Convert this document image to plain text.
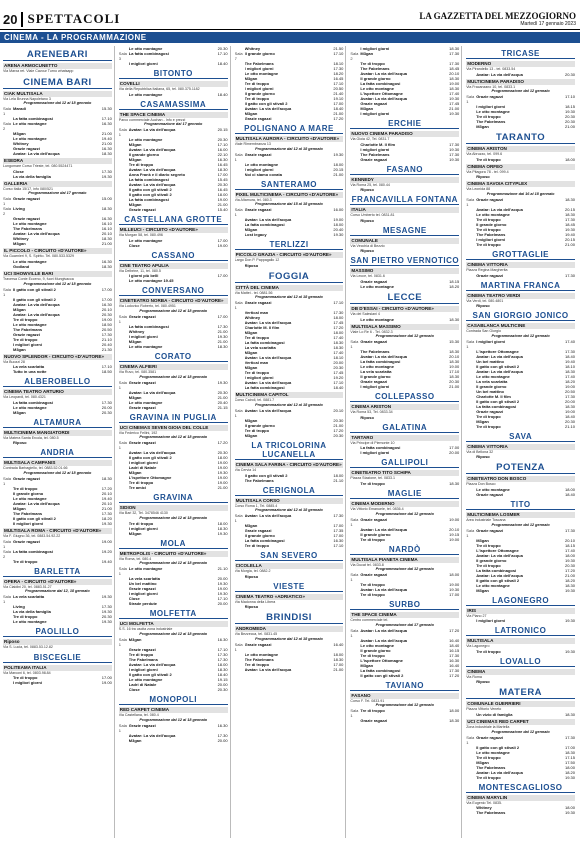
20 SPETTACOLI	LA GAZZETTA DEL MEZZOGIORNO
Martedì 17 gennaio 2023
CINEMA - LA PROGRAMMAZIONE
ARENEBARI
ARENA ARMOCUNETTO
Via Marxa ret. Viale Cavour Turno whatsapp
CINEMA BARI
CIAK MULTISALA
Via Lela Brunna Napoletano 3
Programmazione dal 12 al 18 gennaio
Sala 1
Maradi	15.30
La fatta combinagosi	17.10
Sala 2
Le otto montagne	16.30
M3gan	21.00
Le otto montagne	19.40
Whitney	21.00
Grazie ragazzi	16.30
Avatar: La via dell'acqua	18.30
ESEDRA
Lungomare Corso Trieste, tel. 080.5524471
Close	17.30
La via della famiglia	19.30
GALLERIA
Corso Italia 15/17, info 080/521
Programmazione dal 17 gennaio
Sala 1
Grazie ragazzi	15.00
Sala 2
Living	18.30
Grazie ragazzi	16.30
Le otto montagne	16.10
The Fabelmans	16.10
Avatar: La via dell'acqua	20.10
Whitney	18.30
M3gan	21.00
IL PICCOLO - CIRCUITO «D'AUTORE»
Via Guarnieri 9, S. Spirito. Tel. 080.533.5329
Le otto montagne	16.30
Godland	18.30
UCI SHOWVILLE BARI
Traversa Conte Ecceno, 9, fuori Mungivacca
Programmazione dal 12 al 18 gennaio
Sala 1
Il gatto con gli stivali 2	17.00
Il gatto con gli stivali 2	17.00
Avatar: La via dell'acqua	16.30
M3gan	20.10
Avatar: La via dell'acqua	20.30
Tre di troppo	19.00
Le otto montagne	18.50
The Fabelmans	20.50
Grazie ragazzi	17.30
Tre di troppo	21.10
I migliori giorni	20.40
M3gan	21.30
NUOVO SPLENDOR - CIRCUITO «D'AUTORE»
Via Buozzi 28
La vela scarlatta	17.10
Tutto in una notte	18.50
ALBEROBELLO
CINEMA TEATRO ARTURIO
Via Leopardi, tel. 080.4321
La fatta combinagosi	17.30
Le otto montagne	20.00
M3gan	20.30
ALTAMURA
MULTICINEMA MANGIATORDI
Via Matera Santa Ercola, tel. 080.5
Riposo
ANDRIA
MULTISALA CAMPANIS
Contrada Barbagiello, tel. 0883.52.01.66
Programmazione dal 12 al 18 gennaio
Sala 1
Grazie ragazzi	18.30
Tre di troppo	17.20
Il grande giorno	20.10
Le otto montagne	19.40
Avatar: La via dell'acqua	20.10
M3gan	21.00
The Fabelmans	17.30
Il gatto con gli stivali 2	18.20
Il migliori giorni	19.30
MULTISALA ROMA - CIRCUITO «D'AUTORE»
Via F. Giugno 36, tel. 0883.54.92.22
Sala 1
Grazie ragazzi	19.00
Sala 2
La fatta combinagosi	19.20
Tre di troppo	19.40
BARLETTA
OPERA - CIRCUITO «D'AUTORE»
Via Cialdini 20, tel. 0883.51.27
Programmazione dal 12, 18 gennaio
Sala 1
La vela scarlatta	19.30
Living	17.30
La via della famiglia	19.30
Tre di troppo	20.30
Le otto montagne	19.30
PAOLILLO
Riposo
Via S. Lucia, tel. 0883.53.12.82
BISCEGLIE
POLITEAMA ITALIA
Via Marconi 6, tel. 0803.98.84
Tre di troppo	17.00
I migliori giorni	19.00
Le otto montagne	20.30
Sala 3
La fatta combinagosi	17.10
I migliori giorni	18.40
BITONTO
COVELLI
Via della Repubblica Italiana, 65, tel. 080.375.1182
Le otto montagne	18.40
CASAMASSIMA
THE SPACE CINEMA
Parco commerciale Auchan - Info e prezzi
Programmazione dal 17 gennaio
Sala 1
Avatar: La via dell'acqua	20.15
Le otto montagne	20.30
M3gan	17.10
Avatar: La via dell'acqua	16.00
Il grande giorno	22.10
M3gan	16.30
Tre di troppo	16.45
Avatar: La via dell'acqua	18.30
Anna Frank e il diario segreto	17.00
La fatta combinagosi	15.45
Avatar: La via dell'acqua	20.30
Il gatto con gli stivali 2	16.45
Il gatto con gli stivali 2	18.00
La fatta combinagosi	19.00
M3gan	21.00
Grazie ragazzi	15.40
CASTELLANA GROTTE
MILLEUCI - CIRCUITO «D'AUTORE»
Via Morgan 58, tel. 080.496
Le otto montagne	17.00
Close	19.00
CASSANO
CINE TEATRO APULIA
Via Delbrine, 11, tel. 080.5
I giorni più belli	17.00
Le otto montagne 19.45
CONVERSANO
CINETEATRO NORBA - CIRCUITO «D'AUTORE»
Via Ludovico Roberto, tel. 080.4951
Programmazione dal 12 al 18 gennaio
Sala 1
Grazie ragazzi	17.00
La fatta combinagosi	17.30
Whitney	21.00
I migliori giorni	19.30
M3gan	21.00
Le otto montagne	18.30
CORATO
CINEMA ALFIERI
Via Ruvo, tel. 080.3581
Programmazione dal 12 al 18 gennaio
Sala 1
Grazie ragazzi	19.30
Avatar: La via dell'acqua	20.30
M3gan	21.00
Le otto montagne	20.40
Grazie ragazzi	21.15
GRAVINA IN PUGLIA
UCI CINEMAS SEVEN GIOIA DEL COLLE
Via Federico Fellini, 192
Programmazione dal 12 al 18 gennaio
Sala 1
Grazie ragazzi	17.20
Avatar: La via dell'acqua	20.30
Il gatto con gli stivali 2	18.00
I migliori giorni	19.00
Ladri di Natale	19.00
M3gan	19.30
L'ispettore Ottomagne	19.00
Tre di troppo	19.00
Tre amici	21.00
GRAVINA
SIDION
Via Bari 32, Tel. 3478546 4130
Programmazione dal 12 al 18 gennaio
Tre di troppo	18.00
I migliori giorni	18.30
M3gan	19.30
MOLA
METROPOLIS - CIRCUITO «D'AUTORE»
Via Roma, tel. 080.4
Programmazione dal 12 al 18 gennaio
Sala 1
Le otto montagne	21.10
La vela scarlatta	20.00
Un bel mattino	19.30
Grazie ragazzi	19.00
I migliori giorni	19.30
Close	17.10
Strade perdute	20.00
MOLFETTA
UCI MOLFETTA
S.S. 16 tra uscita zona industriale
Programmazione dal 12 al 18 gennaio
Sala 1
M3gan	16.30
Grazie ragazzi	17.10
Tre di troppo	17.30
The Fabelmans	17.30
Avatar: La via dell'acqua	18.00
I migliori giorni	18.30
Il gatto con gli stivali 2	18.40
Le otto montagne	19.15
Ladri di Natale	20.00
Close	20.30
MONOPOLI
RED CARPET CINEMA
Via Castellana, tel. 080.4
Programmazione dal 12 al 18 gennaio
Sala 1
Grazie ragazzi	16.30
Avatar: La via dell'acqua	17.30
M3gan	20.00
Whitney	21.50
Sala 7
Il grande giorno	17.10
The Fabelmans	18.10
I migliori giorni	17.30
Le otto montagne	18.20
M3gan	16.45
Tre di troppo	17.10
I migliori giorni	20.50
Il grande giorno	21.40
Tre di troppo	19.10
Il gatto con gli stivali 2	17.00
Avatar: La via dell'acqua	18.40
M3gan	21.00
Grazie ragazzi	17.20
POLIGNANO A MARE
MULTISALA AURORA - CIRCUITO «D'AUTORE»
Viale Rimembranza 13
Programmazione dal 12 al 18 gennaio
Sala 1
Grazie ragazzi	19.30
Le otto montagne	18.00
I migliori giorni	20.15
Noi ci siamo covata	21.00
SANTERAMO
PIXEL MULTICINEMA - CIRCUITO «D'AUTORE»
Via Altamura, tel. 080.3
Programmazione dal 15 al 18 gennaio
Sala 1
Grazie ragazzi	16.00
Avatar: La via dell'acqua	19.00
La fatta combinagosi	18.00
M3gan	20.40
Lost legacy	19.30
TERLIZZI
PICCOLO GRAZIA - CIRCUITO «D'AUTORE»
Largo Don P. Pappagallo 12
Riposo
FOGGIA
CITTÀ DEL CINEMA
Via Mattei - tel. 0881.56
Programmazione dal 12 al 18 gennaio
Sala 1
Grazie ragazzi	17.10
Vertical man	17.30
Whitney	18.00
Avatar: La via dell'acqua	17.45
Charlotte M. Il film	17.20
M3gan	18.00
Tre di troppo	17.40
La fatta combinagosi	18.30
La vela scarlatta	18.30
M3gan	17.40
Avatar: La via dell'acqua	18.10
Vertical man	20.00
M3gan	20.30
Tre di troppo	17.45
I migliori giorni	19.20
Avatar: La via dell'acqua	17.10
La fatta combinagosi	18.40
MULTICINEMA CAPITOL
Corso Cairoli, tel. 0881.7
Programmazione dal 12 al 18 gennaio
Sala 1
Avatar: La via dell'acqua	20.10
M3gan	20.30
Il grande giorno	21.00
Tre di troppo	17.20
M3gan	20.30
LA TRICOLORINA LUCANELLA
CINEMA SALA FARINA - CIRCUITO «D'AUTORE»
Via Cervia 14
Il gatto con gli stivali 2	18.00
The Fabelmans	21.10
CERIGNOLA
MULTISALA CORSO
Corso Roma 1, Tel. 0885.4
Programmazione dal 12 al 18 gennaio
Sala 1
Avatar: La via dell'acqua	17.30
M3gan	17.00
Grazie ragazzi	17.35
Il grande giorno	17.00
La fatta combinagosi	16.30
Tre di troppo	17.10
SAN SEVERO
CICOLELLA
Via Morgia, tel. 0882.2
Riposo
VIESTE
CINEMA TEATRO «ADRIATICO»
Via Madonna della Libera
Riposo
BRINDISI
ANDROMEDA
Via Bezzecca, tel. 0831.45
Programmazione dal 12 al 18 gennaio
Sala 1
Grazie ragazzi	16.40
Le otto montagne	18.00
The Fabelmans	18.30
Tre di troppo	17.00
Avatar: La via dell'acqua	21.00
I migliori giorni	18.30
Sala 2
M3gan	17.30
Tre di troppo	17.30
The Fabelmans	18.45
Avatar: La via dell'acqua	20.10
Il grande giorno	18.30
La fatta combinagosi	19.00
Le otto montagne	18.30
L'ispettore Ottomagne	17.40
Avatar: La via dell'acqua	19.30
Grazie ragazzi	17.45
M3gan	21.00
I migliori giorni	19.30
ERCHIE
NUOVO CINEMA PARADISO
Via Gioia 42, Tel. 0831.7
Charlotte M. Il film	17.30
I migliori giorni	19.30
The Fabelmans	17.30
Grazie ragazzi	19.30
FASANO
KENNEDY
Via Roma 25, tel. 080.44
Riposo
FRANCAVILLA FONTANA
ITALIA
Corso Umberto tel. 0831.81
Riposo
MESAGNE
COMUNALE
Via Vecchia di Bezzio
Riposo
SAN PIETRO VERNOTICO
MASSIMO
Via Lecce, tel. 0831.6
Grazie ragazzi	18.15
Le otto montagne	18.20
LECCE
DB D'ESSAI - CIRCUITO «D'AUTORE»
Via dei Salesiani 4
Le otto montagne	18.30
MULTISALA MASSIMO
Viale Lo Re 6 - Tel. 0832.3
Programmazione dal 12 gennaio
Sala 1
Grazie ragazzi	15.30
The Fabelmans	18.30
Avatar: La via dell'acqua	20.10
La fatta combinagosi	18.30
Le otto montagne	19.00
La vela scarlatta	17.10
Il grande giorno	18.30
Grazie ragazzi	20.30
I migliori giorni	21.00
COLLEPASSO
CINEMA ARISTON
Via Roma 53, Tel. 0833.34
Riposo
GALATINA
TARTARO
Via Principe di Piemonte 10
La fatta combinagosi	17.00
I migliori giorni	20.00
GALLIPOLI
CINETEATRO TITO SCHIPA
Piazza Stazione, tel. 0833.1
Tre di troppo	18.30
MAGLIE
CINEMA MODERNO
Via Vittorio Emanuele, tel. 0836.4
Programmazione dal 12 gennaio
Sala 1
Grazie ragazzi	19.00
Avatar: La via dell'acqua	20.10
Il grande giorno	19.15
Tre di troppo	19.00
NARDÒ
MULTISALA PIANETA CINEMA
Via Ducat tel. 0833.8
Programmazione dal 12 gennaio
Sala 1
Grazie ragazzi	18.00
Tre di troppo	19.00
Avatar: La via dell'acqua	19.30
Tre di troppo	17.00
SURBO
THE SPACE CINEMA
Centro commerciale tel.
Programmazione dal 17 gennaio
Sala 1
Avatar: La via dell'acqua	17.20
Avatar: La via dell'acqua	16.40
Le otto montagne	18.40
Il grande giorno	16.15
Tre di troppo	17.30
L'ispettore Ottomagne	16.30
M3gan	16.40
La fatta combinagosi	17.30
Il gatto con gli stivali 2	17.20
TAVIANO
FASANO
Corso F. Tel. 0833.91
Programmazione dal 12 gennaio
Sala 1
Tre di troppo	18.00
Grazie ragazzi	18.30
TRICASE
MODERNO
Via Pirandello 13 - tel. 0833.54
Avatar: La via dell'acqua	20.30
MULTICINEMA PARADISO
Via Fracanzano 10, tel. 0833.1
Programmazione dal 12 gennaio
Sala 1
Grazie ragazzi	17.10
I migliori giorni	18.15
Le otto montagne	19.30
Tre di troppo	20.30
The Fabelmans	20.30
M3gan	21.00
TARANTO
CINEMA ARISTON
Via Abruzzo, tel. 099.6
Tre di troppo	18.00
CINEMA ORFEO
Via Pitagora 78 - tel. 099.4
Riposo
CINEMA SAVOIA CITYPLEX
Via Leonida 88
Programmazione dal 16 al 18 gennaio
Sala 1
Grazie ragazzi	18.30
Avatar: La via dell'acqua	20.15
Le otto montagne	18.30
Tre di troppo	17.30
Il grande giorno	18.45
Tre di troppo	19.30
The Fabelmans	19.40
I migliori giorni	20.15
Tre di troppo	21.00
GROTTAGLIE
CINEMA VITTORIA
Piazza Regina Margherita
Grazie ragazzi	17.30
MARTINA FRANCA
CINEMA TEATRO VERDI
Via Verdi, tel. 080.4801
Riposo
SAN GIORGIO JONICO
CASABLANCA MULTICINE
Contrada San Giorgio
Programmazione dal 12 gennaio
Sala 1
I migliori giorni	17.40
L'ispettore Ottomagne	17.30
Avatar: La via dell'acqua	18.40
Un bel mattino	19.40
Il gatto con gli stivali 2	18.10
Avatar: La via dell'acqua	18.30
Le otto montagne	17.40
La vela scarlatta	18.20
Il grande giorno	19.00
Un bel mattino	20.50
Charlotte M. Il film	17.30
Il gatto con gli stivali 2	20.00
La fatta combinagosi	18.30
Grazie ragazzi	19.00
Tre di troppo	18.40
M3gan	20.30
Tre di troppo	21.10
SAVA
CINEMA VITTORIA
Via di Bellona 32
Riposo
POTENZA
CINETEATRO DON BOSCO
Piazza Don Bosco
Le otto montagne	18.00
Grazie ragazzi	18.40
TITO
MULTICINEMA LOSMER
Area industriale Toscana
Programmazione dal 12 gennaio
Sala 1
Grazie ragazzi	17.30
M3gan	20.10
Tre di troppo	18.15
L'ispettore Ottomagne	17.40
Avatar: La via dell'acqua	18.00
Il grande giorno	19.30
Tre di troppo	20.30
La fatta combinagosi	17.20
Avatar: La via dell'acqua	21.00
Il gatto con gli stivali 2	18.20
Le otto montagne	18.30
M3gan	19.30
LAGONEGRO
IRIS
Via Piano 27
I migliori giorni	19.30
LATRONICO
MULTISALA
Via Lagonegro
Tre di troppo	19.30
LOVALLO
CINEMA
Via Roma
Riposo
MATERA
COMUNALE GUERRIERI
Piazza Vittorio Veneto
Un vizio di famiglia	18.30
UCI CINEMAS RED CARPET
Zona industriale la Martella
Programmazione dal 12 gennaio
Sala 1
Grazie ragazzi	17.30
Il gatto con gli stivali 2	17.00
Le otto montagne	18.30
Tre di troppo	17.15
M3gan	17.50
The Fabelmans	18.00
Avatar: La via dell'acqua	18.20
Tre di troppo	19.30
MONTESCAGLIOSO
CINEMA MARYLIN
Via Eugenio Tel. 0835.
Whitney	18.00
The Fabelmans	19.30
